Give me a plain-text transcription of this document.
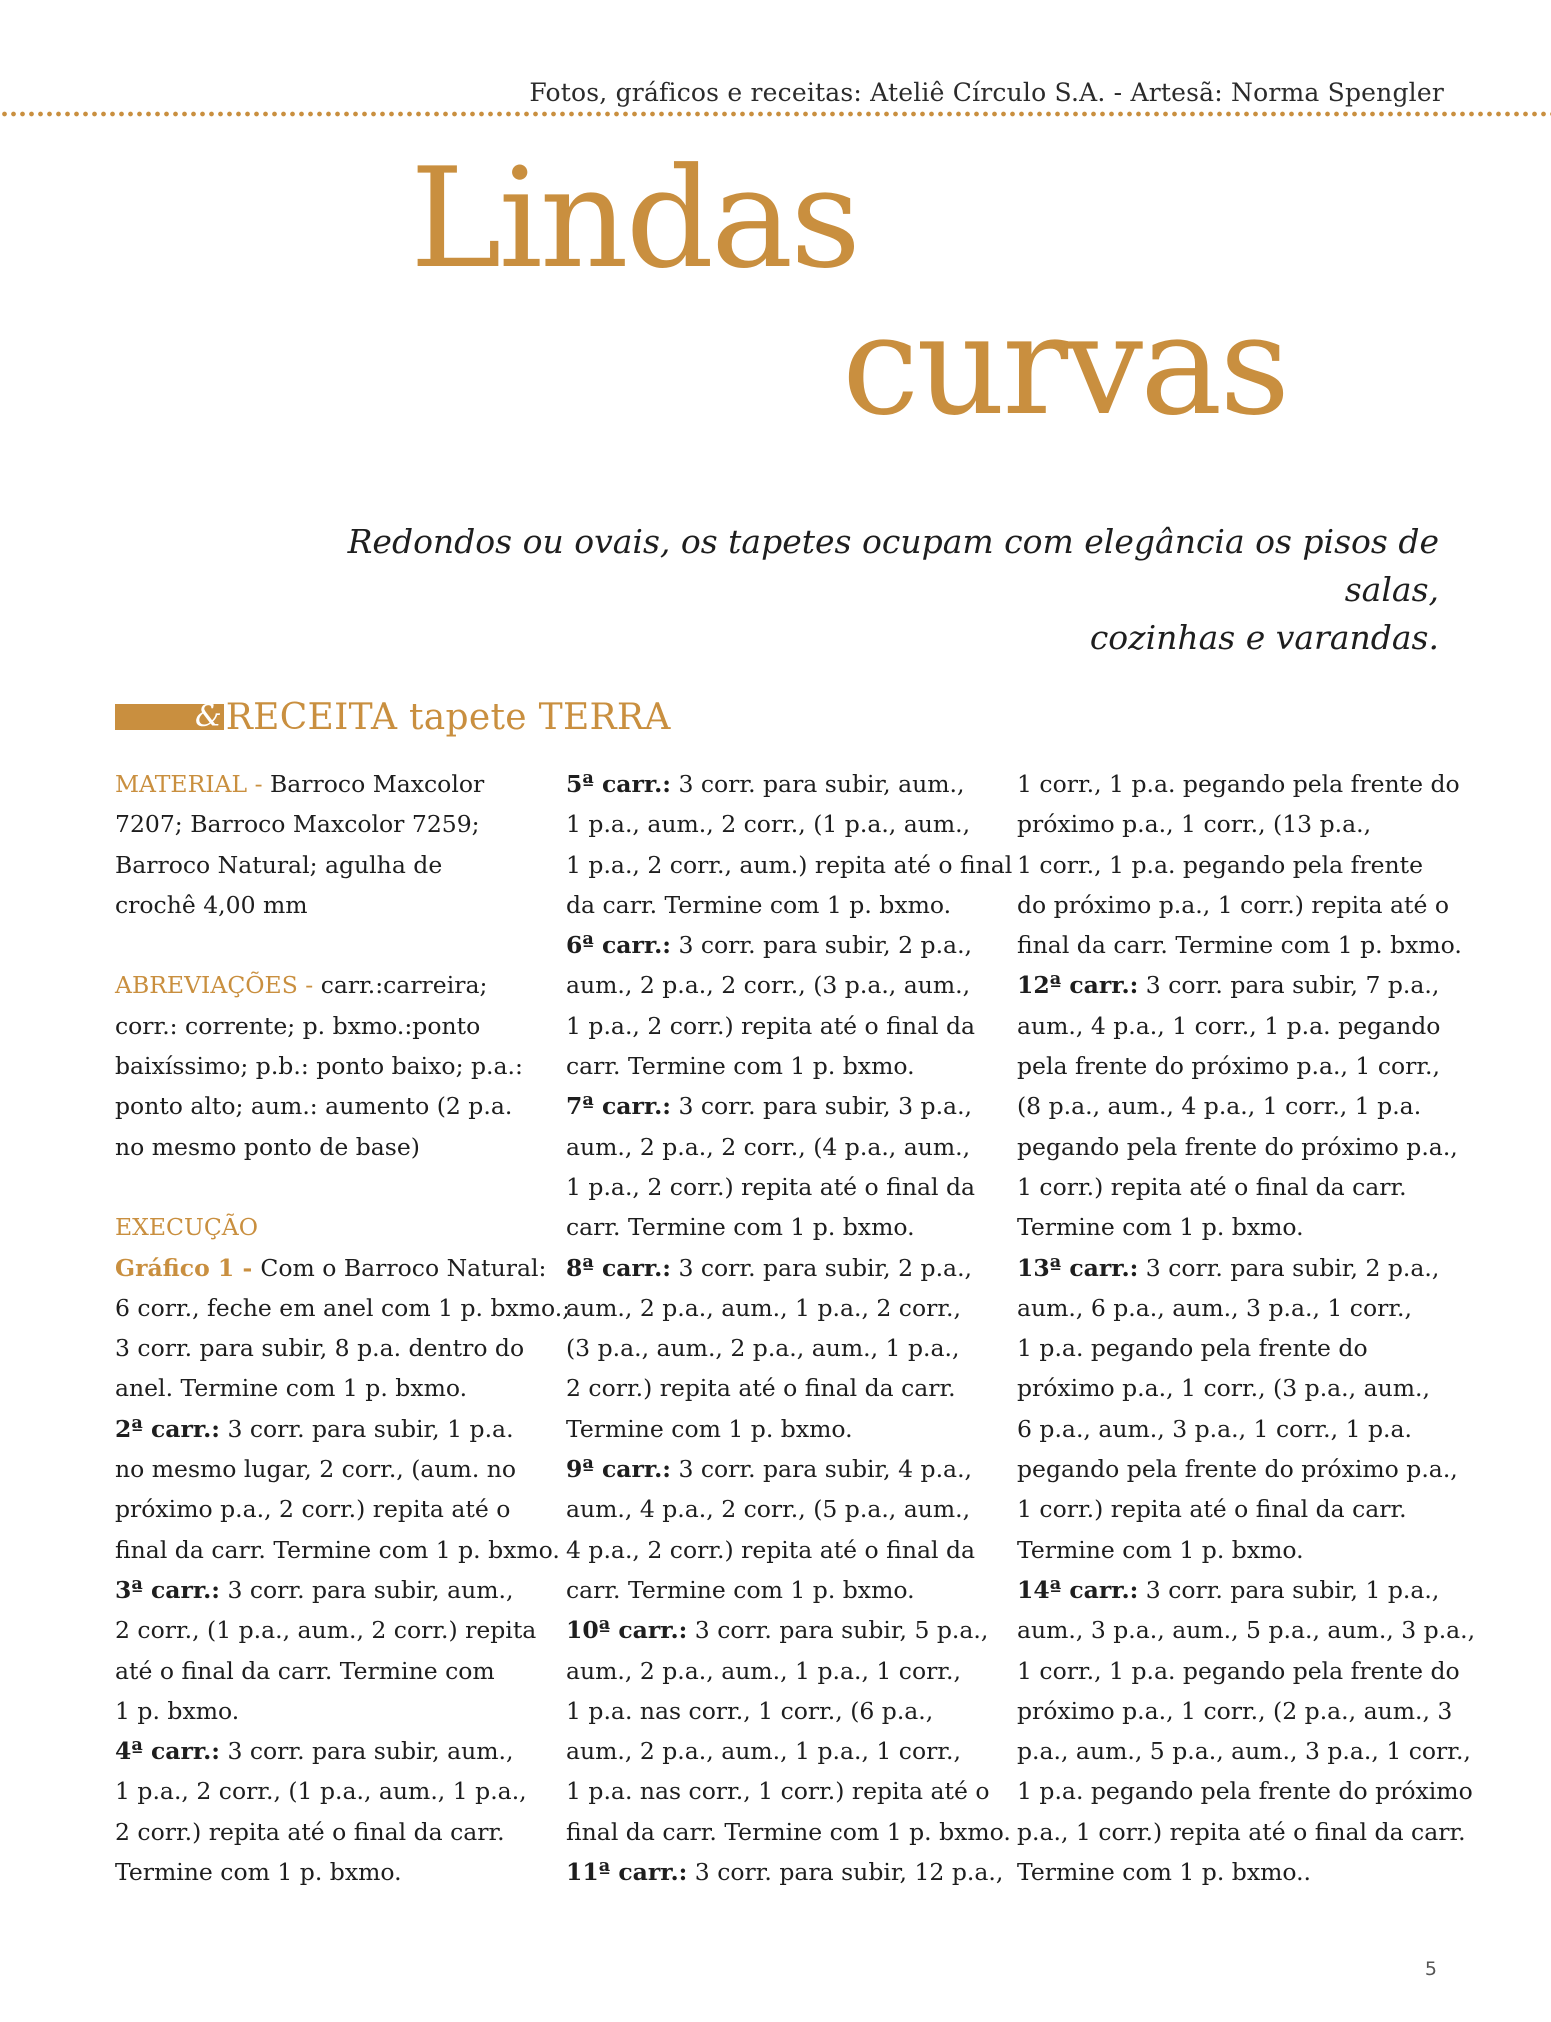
Fotos, gráficos e receitas: Ateliê Círculo S.A. - Artesã: Norma Spengler
Lindas
curvas
Redondos ou ovais, os tapetes ocupam com elegância os pisos de salas,
cozinhas e varandas.
& RECEITA tapete TERRA
MATERIAL - Barroco Maxcolor
7207; Barroco Maxcolor 7259;
Barroco Natural; agulha de
crochê 4,00 mm
ABREVIAÇÕES - carr.:carreira;
corr.: corrente; p. bxmo.:ponto
baixíssimo; p.b.: ponto baixo; p.a.:
ponto alto; aum.: aumento (2 p.a.
no mesmo ponto de base)
EXECUÇÃO
Gráfico 1 - Com o Barroco Natural:
6 corr., feche em anel com 1 p. bxmo.;
3 corr. para subir, 8 p.a. dentro do
anel. Termine com 1 p. bxmo.
2ª carr.: 3 corr. para subir, 1 p.a.
no mesmo lugar, 2 corr., (aum. no
próximo p.a., 2 corr.) repita até o
final da carr. Termine com 1 p. bxmo.
3ª carr.: 3 corr. para subir, aum.,
2 corr., (1 p.a., aum., 2 corr.) repita
até o final da carr. Termine com
1 p. bxmo.
4ª carr.: 3 corr. para subir, aum.,
1 p.a., 2 corr., (1 p.a., aum., 1 p.a.,
2 corr.) repita até o final da carr.
Termine com 1 p. bxmo.
5ª carr.: 3 corr. para subir, aum.,
1 p.a., aum., 2 corr., (1 p.a., aum.,
1 p.a., 2 corr., aum.) repita até o final
da carr. Termine com 1 p. bxmo.
6ª carr.: 3 corr. para subir, 2 p.a.,
aum., 2 p.a., 2 corr., (3 p.a., aum.,
1 p.a., 2 corr.) repita até o final da
carr. Termine com 1 p. bxmo.
7ª carr.: 3 corr. para subir, 3 p.a.,
aum., 2 p.a., 2 corr., (4 p.a., aum.,
1 p.a., 2 corr.) repita até o final da
carr. Termine com 1 p. bxmo.
8ª carr.: 3 corr. para subir, 2 p.a.,
aum., 2 p.a., aum., 1 p.a., 2 corr.,
(3 p.a., aum., 2 p.a., aum., 1 p.a.,
2 corr.) repita até o final da carr.
Termine com 1 p. bxmo.
9ª carr.: 3 corr. para subir, 4 p.a.,
aum., 4 p.a., 2 corr., (5 p.a., aum.,
4 p.a., 2 corr.) repita até o final da
carr. Termine com 1 p. bxmo.
10ª carr.: 3 corr. para subir, 5 p.a.,
aum., 2 p.a., aum., 1 p.a., 1 corr.,
1 p.a. nas corr., 1 corr., (6 p.a.,
aum., 2 p.a., aum., 1 p.a., 1 corr.,
1 p.a. nas corr., 1 corr.) repita até o
final da carr. Termine com 1 p. bxmo.
11ª carr.: 3 corr. para subir, 12 p.a.,
1 corr., 1 p.a. pegando pela frente do
próximo p.a., 1 corr., (13 p.a.,
1 corr., 1 p.a. pegando pela frente
do próximo p.a., 1 corr.) repita até o
final da carr. Termine com 1 p. bxmo.
12ª carr.: 3 corr. para subir, 7 p.a.,
aum., 4 p.a., 1 corr., 1 p.a. pegando
pela frente do próximo p.a., 1 corr.,
(8 p.a., aum., 4 p.a., 1 corr., 1 p.a.
pegando pela frente do próximo p.a.,
1 corr.) repita até o final da carr.
Termine com 1 p. bxmo.
13ª carr.: 3 corr. para subir, 2 p.a.,
aum., 6 p.a., aum., 3 p.a., 1 corr.,
1 p.a. pegando pela frente do
próximo p.a., 1 corr., (3 p.a., aum.,
6 p.a., aum., 3 p.a., 1 corr., 1 p.a.
pegando pela frente do próximo p.a.,
1 corr.) repita até o final da carr.
Termine com 1 p. bxmo.
14ª carr.: 3 corr. para subir, 1 p.a.,
aum., 3 p.a., aum., 5 p.a., aum., 3 p.a.,
1 corr., 1 p.a. pegando pela frente do
próximo p.a., 1 corr., (2 p.a., aum., 3
p.a., aum., 5 p.a., aum., 3 p.a., 1 corr.,
1 p.a. pegando pela frente do próximo
p.a., 1 corr.) repita até o final da carr.
Termine com 1 p. bxmo..
5
